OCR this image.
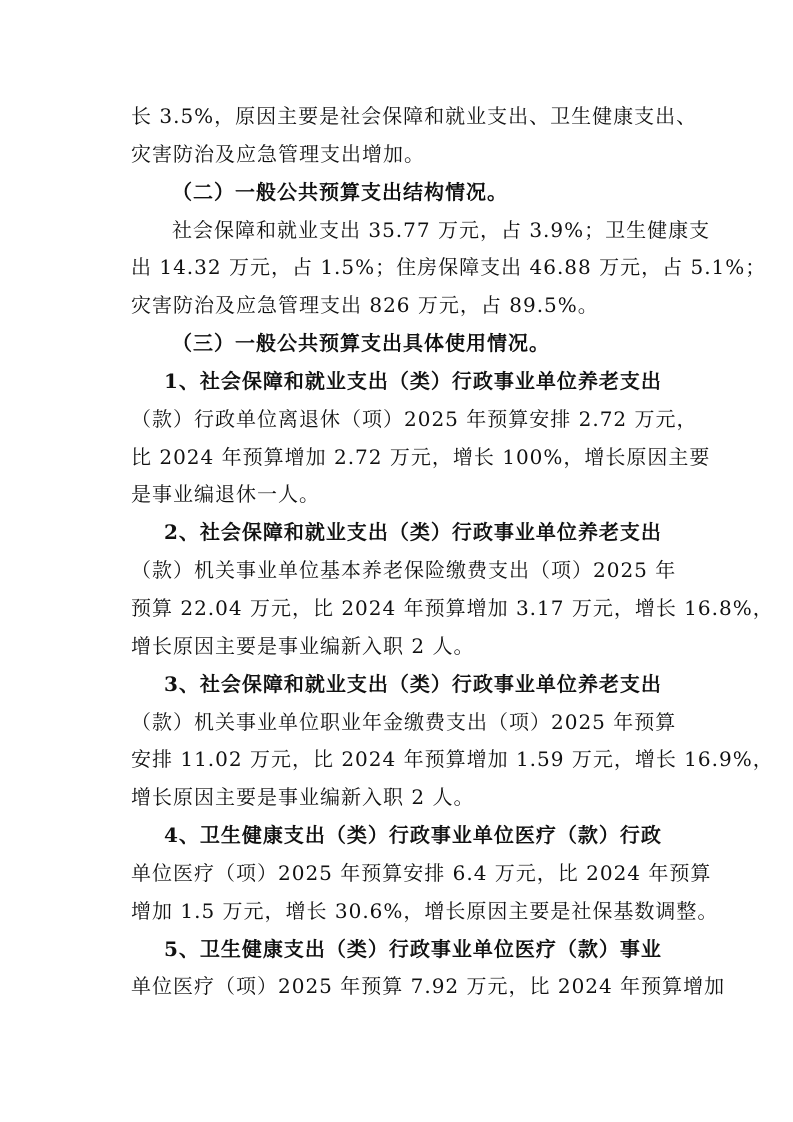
长 3.5%，原因主要是社会保障和就业支出、卫生健康支出、
灾害防治及应急管理支出增加。
（二）一般公共预算支出结构情况。
社会保障和就业支出 35.77 万元，占 3.9%；卫生健康支
出 14.32 万元，占 1.5%；住房保障支出 46.88 万元，占 5.1%；
灾害防治及应急管理支出 826 万元，占 89.5%。
（三）一般公共预算支出具体使用情况。
1、社会保障和就业支出（类）行政事业单位养老支出
（款）行政单位离退休（项）2025 年预算安排 2.72 万元，
比 2024 年预算增加 2.72 万元，增长 100%，增长原因主要
是事业编退休一人。
2、社会保障和就业支出（类）行政事业单位养老支出
（款）机关事业单位基本养老保险缴费支出（项）2025 年
预算 22.04 万元，比 2024 年预算增加 3.17 万元，增长 16.8%，
增长原因主要是事业编新入职 2 人。
3、社会保障和就业支出（类）行政事业单位养老支出
（款）机关事业单位职业年金缴费支出（项）2025 年预算
安排 11.02 万元，比 2024 年预算增加 1.59 万元，增长 16.9%，
增长原因主要是事业编新入职 2 人。
4、卫生健康支出（类）行政事业单位医疗（款）行政
单位医疗（项）2025 年预算安排 6.4 万元，比 2024 年预算
增加 1.5 万元，增长 30.6%，增长原因主要是社保基数调整。
5、卫生健康支出（类）行政事业单位医疗（款）事业
单位医疗（项）2025 年预算 7.92 万元，比 2024 年预算增加
